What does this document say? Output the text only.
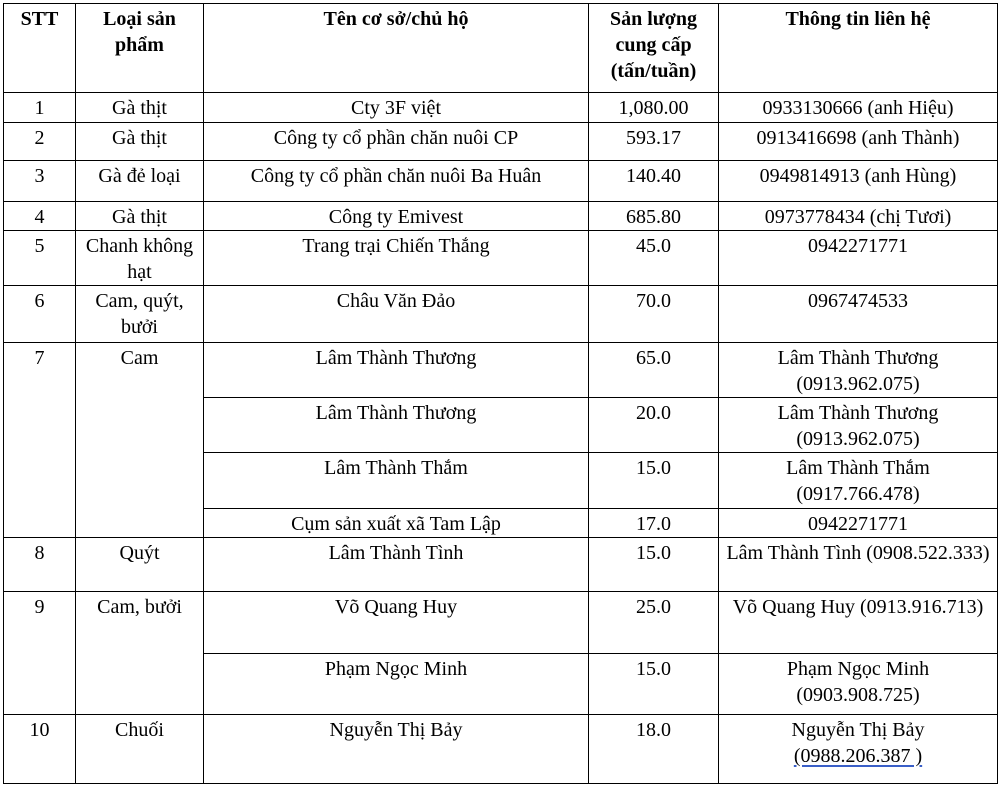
STT	Loại sản phẩm	Tên cơ sở/chủ hộ	Sản lượng cung cấp (tấn/tuần)	Thông tin liên hệ
1	Gà thịt	Cty 3F việt	1,080.00	0933130666 (anh Hiệu)
2	Gà thịt	Công ty cổ phần chăn nuôi CP	593.17	0913416698 (anh Thành)
3	Gà đẻ loại	Công ty cổ phần chăn nuôi Ba Huân	140.40	0949814913 (anh Hùng)
4	Gà thịt	Công ty Emivest	685.80	0973778434 (chị Tươi)
5	Chanh không hạt	Trang trại Chiến Thắng	45.0	0942271771
6	Cam, quýt, bưởi	Châu Văn Đảo	70.0	0967474533
7	Cam	Lâm Thành Thương	65.0	Lâm Thành Thương (0913.962.075)
		Lâm Thành Thương	20.0	Lâm Thành Thương (0913.962.075)
		Lâm Thành Thắm	15.0	Lâm Thành Thắm (0917.766.478)
		Cụm sản xuất xã Tam Lập	17.0	0942271771
8	Quýt	Lâm Thành Tình	15.0	Lâm Thành Tình (0908.522.333)
9	Cam, bưởi	Võ Quang Huy	25.0	Võ Quang Huy (0913.916.713)
		Phạm Ngọc Minh	15.0	Phạm Ngọc Minh (0903.908.725)
10	Chuối	Nguyễn Thị Bảy	18.0	Nguyễn Thị Bảy
(0988.206.387 )
